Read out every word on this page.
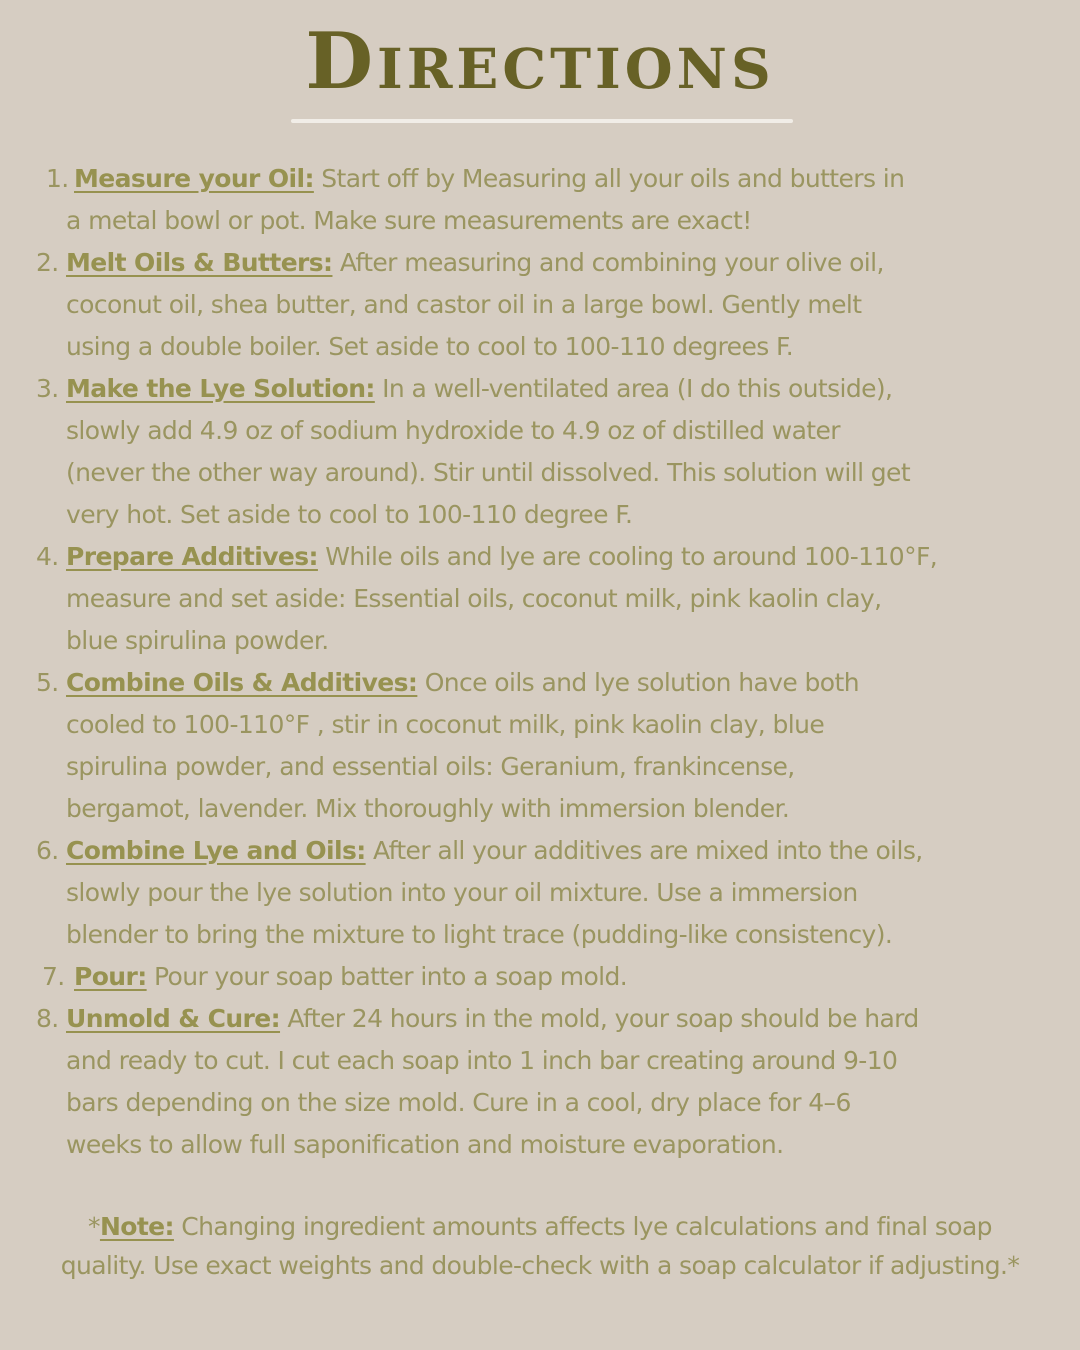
Directions
1. Measure your Oil: Start off by Measuring all your oils and butters in
a metal bowl or pot. Make sure measurements are exact!
2. Melt Oils & Butters: After measuring and combining your olive oil,
coconut oil, shea butter, and castor oil in a large bowl. Gently melt
using a double boiler. Set aside to cool to 100-110 degrees F.
3. Make the Lye Solution: In a well-ventilated area (I do this outside),
slowly add 4.9 oz of sodium hydroxide to 4.9 oz of distilled water
(never the other way around). Stir until dissolved. This solution will get
very hot. Set aside to cool to 100-110 degree F.
4. Prepare Additives: While oils and lye are cooling to around 100-110°F,
measure and set aside: Essential oils, coconut milk, pink kaolin clay,
blue spirulina powder.
5. Combine Oils & Additives: Once oils and lye solution have both
cooled to 100-110°F , stir in coconut milk, pink kaolin clay, blue
spirulina powder, and essential oils: Geranium, frankincense,
bergamot, lavender. Mix thoroughly with immersion blender.
6. Combine Lye and Oils: After all your additives are mixed into the oils,
slowly pour the lye solution into your oil mixture. Use a immersion
blender to bring the mixture to light trace (pudding-like consistency).
7. Pour: Pour your soap batter into a soap mold.
8. Unmold & Cure: After 24 hours in the mold, your soap should be hard
and ready to cut. I cut each soap into 1 inch bar creating around 9-10
bars depending on the size mold. Cure in a cool, dry place for 4–6
weeks to allow full saponification and moisture evaporation.
*Note: Changing ingredient amounts affects lye calculations and final soap
quality. Use exact weights and double-check with a soap calculator if adjusting.*
